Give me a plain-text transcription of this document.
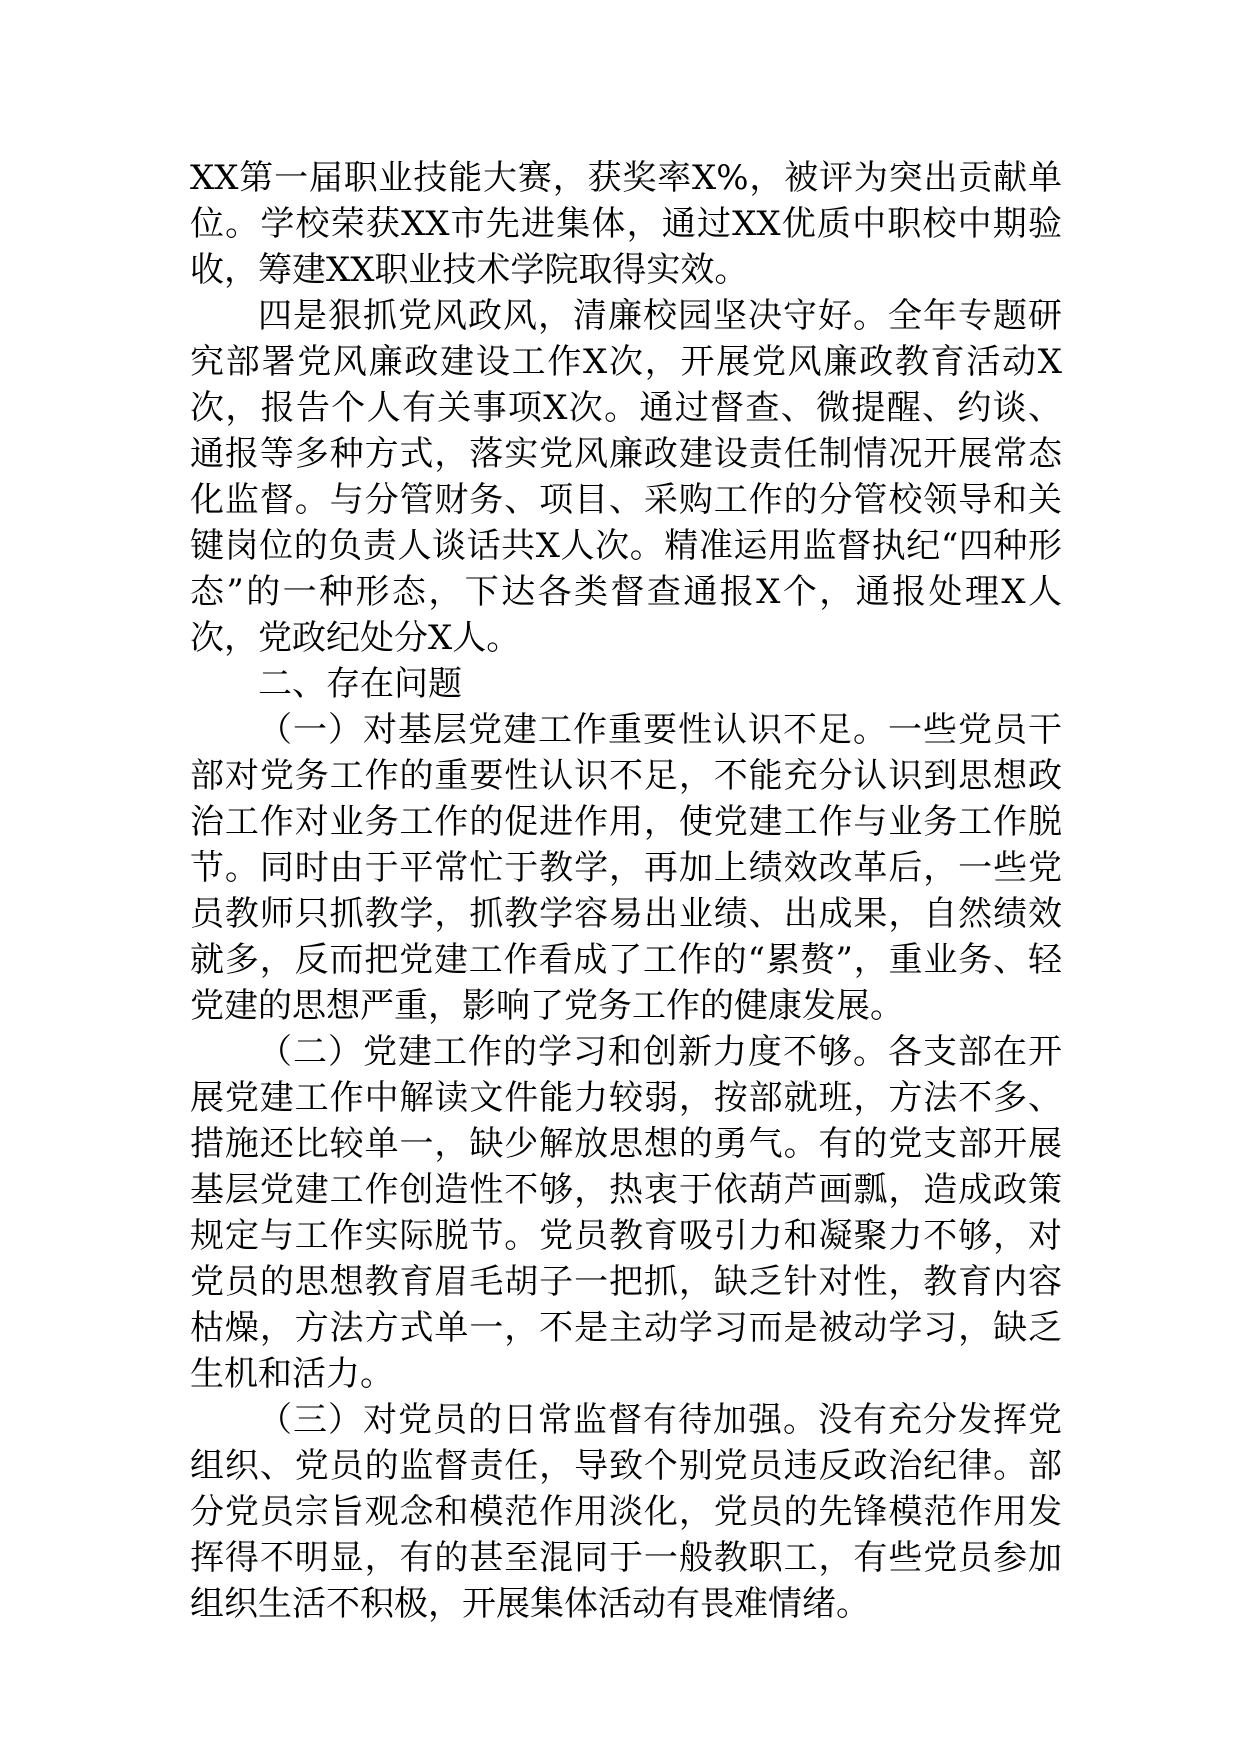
XX第一届职业技能大赛，获奖率X%，被评为突出贡献单位。学校荣获XX市先进集体，通过XX优质中职校中期验收，筹建XX职业技术学院取得实效。

四是狠抓党风政风，清廉校园坚决守好。全年专题研究部署党风廉政建设工作X次，开展党风廉政教育活动X次，报告个人有关事项X次。通过督查、微提醒、约谈、通报等多种方式，落实党风廉政建设责任制情况开展常态化监督。与分管财务、项目、采购工作的分管校领导和关键岗位的负责人谈话共X人次。精准运用监督执纪“四种形态”的一种形态，下达各类督查通报X个，通报处理X人次，党政纪处分X人。

二、存在问题

（一）对基层党建工作重要性认识不足。一些党员干部对党务工作的重要性认识不足，不能充分认识到思想政治工作对业务工作的促进作用，使党建工作与业务工作脱节。同时由于平常忙于教学，再加上绩效改革后，一些党员教师只抓教学，抓教学容易出业绩、出成果，自然绩效就多，反而把党建工作看成了工作的“累赘”，重业务、轻党建的思想严重，影响了党务工作的健康发展。

（二）党建工作的学习和创新力度不够。各支部在开展党建工作中解读文件能力较弱，按部就班，方法不多、措施还比较单一，缺少解放思想的勇气。有的党支部开展基层党建工作创造性不够，热衷于依葫芦画瓢，造成政策规定与工作实际脱节。党员教育吸引力和凝聚力不够，对党员的思想教育眉毛胡子一把抓，缺乏针对性，教育内容枯燥，方法方式单一，不是主动学习而是被动学习，缺乏生机和活力。

（三）对党员的日常监督有待加强。没有充分发挥党组织、党员的监督责任，导致个别党员违反政治纪律。部分党员宗旨观念和模范作用淡化，党员的先锋模范作用发挥得不明显，有的甚至混同于一般教职工，有些党员参加组织生活不积极，开展集体活动有畏难情绪。
